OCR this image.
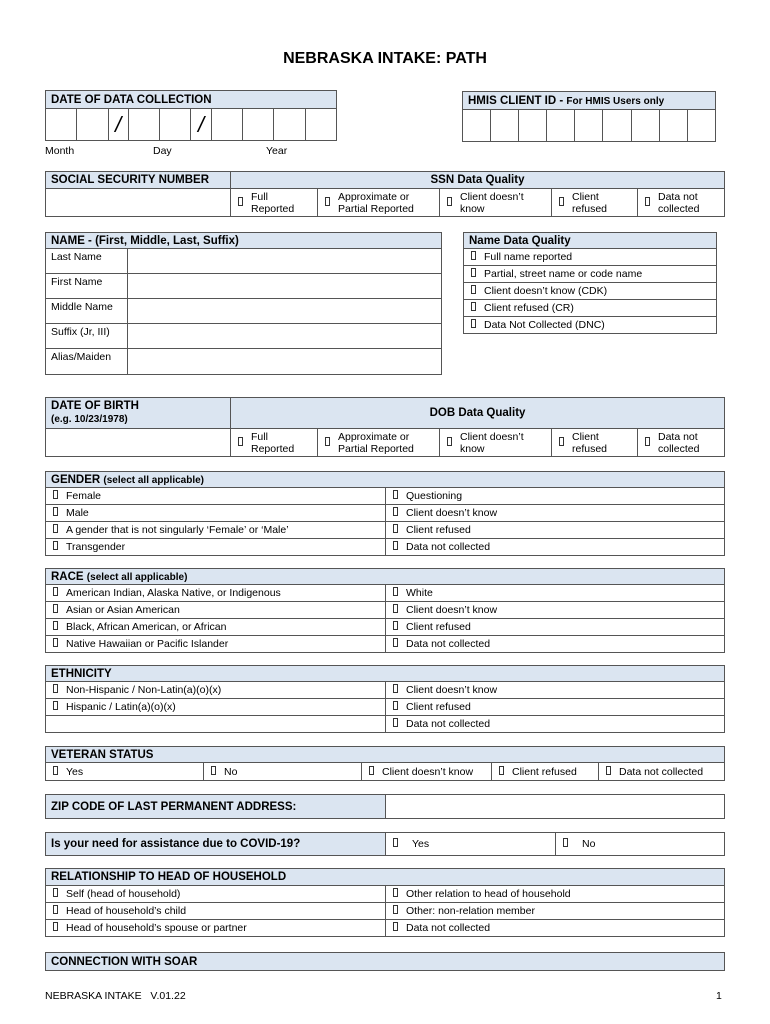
NEBRASKA INTAKE: PATH
DATE OF DATA COLLECTION
		/			/				
Month	Day	Year
HMIS CLIENT ID - For HMIS Users only

SOCIAL SECURITY NUMBER	SSN Data Quality				

	Full Reported	Approximate or Partial Reported	Client doesn’t know	Client refused	Data not collected
NAME - (First, Middle, Last, Suffix)	
Last Name	
First Name	
Middle Name	
Suffix (Jr, III)	
Alias/Maiden	
Name Data Quality

Full name reported

Partial, street name or code name

Client doesn’t know (CDK)

Client refused (CR)

Data Not Collected (DNC)
DATE OF BIRTH
(e.g. 10/23/1978)	DOB Data Quality				

	Full Reported	Approximate or Partial Reported	Client doesn’t know	Client refused	Data not collected
GENDER (select all applicable)	

Female	Questioning

Male	Client doesn’t know

A gender that is not singularly ‘Female’ or ‘Male’	Client refused

Transgender	Data not collected
RACE (select all applicable)	

American Indian, Alaska Native, or Indigenous	White

Asian or Asian American	Client doesn’t know

Black, African American, or African	Client refused

Native Hawaiian or Pacific Islander	Data not collected
ETHNICITY	

Non-Hispanic / Non-Latin(a)(o)(x)	Client doesn’t know

Hispanic / Latin(a)(o)(x)	Client refused

	Data not collected
VETERAN STATUS

Yes	No	Client doesn’t know	Client refused	Data not collected
ZIP CODE OF LAST PERMANENT ADDRESS:	
Is your need for assistance due to COVID-19?	Yes	No
RELATIONSHIP TO HEAD OF HOUSEHOLD	

Self (head of household)	Other relation to head of household

Head of household’s child	Other: non-relation member

Head of household’s spouse or partner	Data not collected
CONNECTION WITH SOAR
NEBRASKA INTAKE   V.01.22	1
